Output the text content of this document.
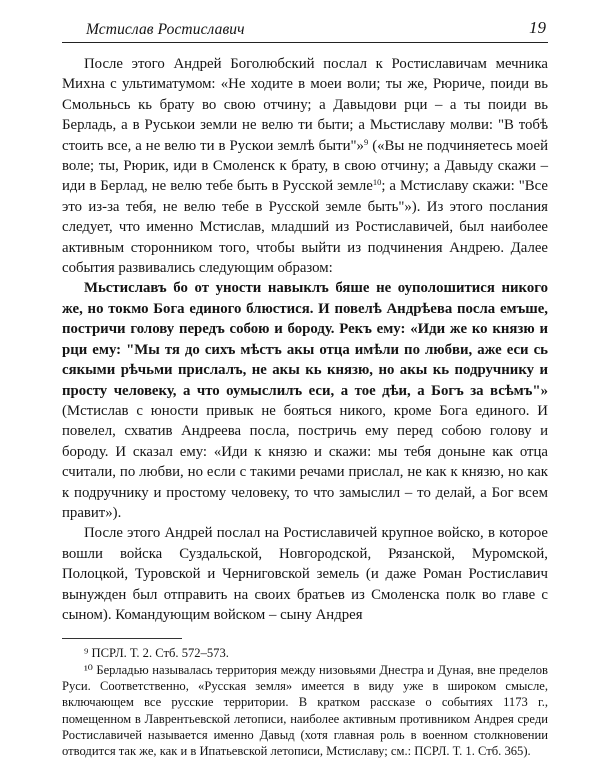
Мстислав Ростиславич	19

После этого Андрей Боголюбский послал к Ростиславичам мечника Михна с ультиматумом: «Не ходите в моеи воли; ты же, Рюриче, поиди вь Смольньсь кь брату во свою отчину; а Давыдови рци – а ты поиди вь Берладь, а в Руськои земли не велю ти быти; а Мьстиславу молви: "В тобѣ стоить все, а не велю ти в Рускои землѣ быти"»$^9$ («Вы не подчиняетесь моей воле; ты, Рюрик, иди в Смоленск к брату, в свою отчину; а Давыду скажи – иди в Берлад, не велю тебе быть в Русской земле$^{10}$; а Мстиславу скажи: "Все это из-за тебя, не велю тебе в Русской земле быть"»). Из этого послания следует, что именно Мстислав, младший из Ростиславичей, был наиболее активным сторонником того, чтобы выйти из подчинения Андрею. Далее события развивались следующим образом:

Мьстиславъ бо от уности навыклъ бяше не оуполошитися никого же, но токмо Бога единого блюстися. И повелѣ Андрѣева посла емъше, постричи голову передъ собою и бороду. Рекъ ему: «Иди же ко князю и рци ему: "Мы тя до сихъ мѣстъ акы отца имѣли по любви, аже еси сь сякыми рѣчьми прислалъ, не акы кь князю, но акы кь подручнику и просту человеку, а что оумыслилъ еси, а тое дѣи, а Богъ за всѣмъ"» (Мстислав с юности привык не бояться никого, кроме Бога единого. И повелел, схватив Андреева посла, постричь ему перед собою голову и бороду. И сказал ему: «Иди к князю и скажи: мы тебя доныне как отца считали, по любви, но если с такими речами прислал, не как к князю, но как к подручнику и простому человеку, то что замыслил – то делай, а Бог всем правит»).

После этого Андрей послал на Ростиславичей крупное войско, в которое вошли войска Суздальской, Новгородской, Рязанской, Муромской, Полоцкой, Туровской и Черниговской земель (и даже Роман Ростиславич вынужден был отправить на своих братьев из Смоленска полк во главе с сыном). Командующим войском – сыну Андрея

⁹ ПСРЛ. Т. 2. Стб. 572–573.

¹⁰ Берладью называлась территория между низовьями Днестра и Дуная, вне пределов Руси. Соответственно, «Русская земля» имеется в виду уже в широком смысле, включающем все русские территории. В кратком рассказе о событиях 1173 г., помещенном в Лаврентьевской летописи, наиболее активным противником Андрея среди Ростиславичей называется именно Давыд (хотя главная роль в военном столкновении отводится так же, как и в Ипатьевской летописи, Мстиславу; см.: ПСРЛ. Т. 1. Стб. 365).
